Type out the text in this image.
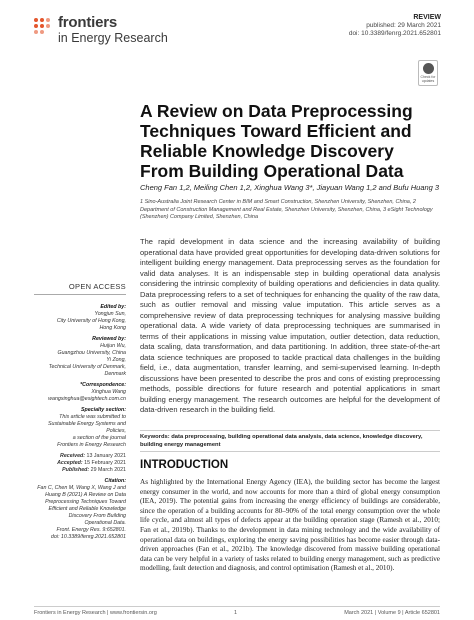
frontiers
in Energy Research
REVIEW
published: 29 March 2021
doi: 10.3389/fenrg.2021.652801
Check for updates
A Review on Data Preprocessing Techniques Toward Efficient and Reliable Knowledge Discovery From Building Operational Data
Cheng Fan 1,2, Meiling Chen 1,2, Xinghua Wang 3*, Jiayuan Wang 1,2 and Bufu Huang 3
1 Sino-Australia Joint Research Center in BIM and Smart Construction, Shenzhen University, Shenzhen, China, 2 Department of Construction Management and Real Estate, Shenzhen University, Shenzhen, China, 3 eSight Technology (Shenzhen) Company Limited, Shenzhen, China
The rapid development in data science and the increasing availability of building operational data have provided great opportunities for developing data-driven solutions for intelligent building energy management. Data preprocessing serves as the foundation for valid data analyses. It is an indispensable step in building operational data analysis considering the intrinsic complexity of building operations and deficiencies in data quality. Data preprocessing refers to a set of techniques for enhancing the quality of the raw data, such as outlier removal and missing value imputation. This article serves as a comprehensive review of data preprocessing techniques for analysing massive building operational data. A wide variety of data preprocessing techniques are summarised in terms of their applications in missing value imputation, outlier detection, data reduction, data scaling, data transformation, and data partitioning. In addition, three state-of-the-art data science techniques are proposed to tackle practical data challenges in the building field, i.e., data augmentation, transfer learning, and semi-supervised learning. In-depth discussions have been presented to describe the pros and cons of existing preprocessing methods, possible directions for future research and potential applications in smart building energy management. The research outcomes are helpful for the development of data-driven research in the building field.
Keywords: data preprocessing, building operational data analysis, data science, knowledge discovery, building energy management
INTRODUCTION
As highlighted by the International Energy Agency (IEA), the building sector has become the largest energy consumer in the world, and now accounts for more than a third of global energy consumption (IEA, 2019). The potential gains from increasing the energy efficiency of buildings are considerable, since the operation of a building accounts for 80–90% of the total energy consumption over the whole life cycle, and almost all types of defects appear at the building operation stage (Ramesh et al., 2010; Fan et al., 2019b). Thanks to the development in data mining technology and the wide availability of operational data on buildings, exploring the energy saving possibilities has become easier through data-driven approaches (Fan et al., 2021b). The knowledge discovered from massive building operational data can be very helpful in a variety of tasks related to building energy management, such as predictive modelling, fault detection and diagnosis, and control optimisation (Ramesh et al., 2010).
OPEN ACCESS
Edited by:
Yongjun Sun,
City University of Hong Kong,
Hong Kong
Reviewed by:
Huijun Wu,
Guangzhou University, China
Yi Zong,
Technical University of Denmark,
Denmark
*Correspondence:
Xinghua Wang
wangxinghua@esightech.com.cn
Specialty section:
This article was submitted to
Sustainable Energy Systems and
Policies,
a section of the journal
Frontiers in Energy Research
Received: 13 January 2021
Accepted: 15 February 2021
Published: 29 March 2021
Citation:
Fan C, Chen M, Wang X, Wang J and
Huang B (2021) A Review on Data
Preprocessing Techniques Toward
Efficient and Reliable Knowledge
Discovery From Building
Operational Data.
Front. Energy Res. 9:652801.
doi: 10.3389/fenrg.2021.652801
Frontiers in Energy Research | www.frontiersin.org	1	March 2021 | Volume 9 | Article 652801
